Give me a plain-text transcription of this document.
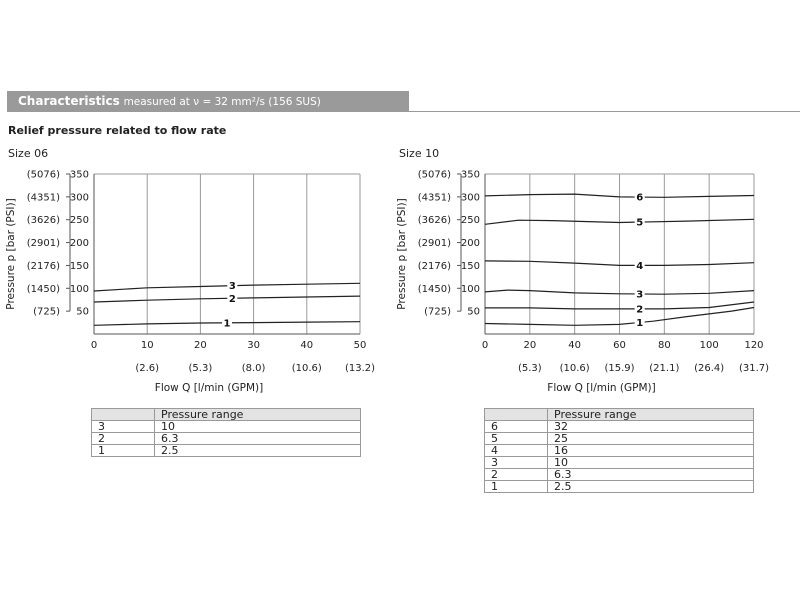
Characteristics measured at ν = 32 mm²/s (156 SUS)
Relief pressure related to flow rate
Size 06	Size 10
50
100
150
200
250
300
350
(725)
(1450)
(2176)
(2901)
(3626)
(4351)
(5076)
0	10	20	30	40	50
(2.6)	(5.3)	(8.0)	(10.6) (13.2)
Flow Q [l/min (GPM)]
Pressure p [bar (PSI)]
1
2
3
50
100
150
200
250
300
350
(725)
(1450)
(2176)
(2901)
(3626)
(4351)
(5076)
0	20	40	60	80	100	120
(5.3) (10.6) (15.9) (21.1) (26.4) (31.7)
Flow Q [l/min (GPM)]
Pressure p [bar (PSI)]
1
2
3
4
5
6
	Pressure range
3	10
2	6.3
1	2.5
	Pressure range
6	32
5	25
4	16
3	10
2	6.3
1	2.5
